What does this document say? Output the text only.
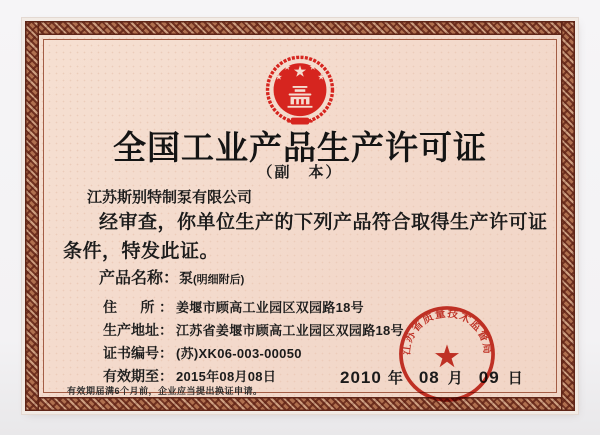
全国工业产品生产许可证
（副　本）
江苏斯别特制泵有限公司
经审查，你单位生产的下列产品符合取得生产许可证
条件，特发此证。
产品名称：泵(明细附后)
住　所： 姜堰市顾高工业园区双园路18号
生产地址： 江苏省姜堰市顾高工业园区双园路18号
证书编号： (苏)XK06-003-00050
有效期至： 2015年08月08日
有效期届满6个月前，企业应当提出换证申请。
2010 年 08 月 09 日
江苏省质量技术监督局
